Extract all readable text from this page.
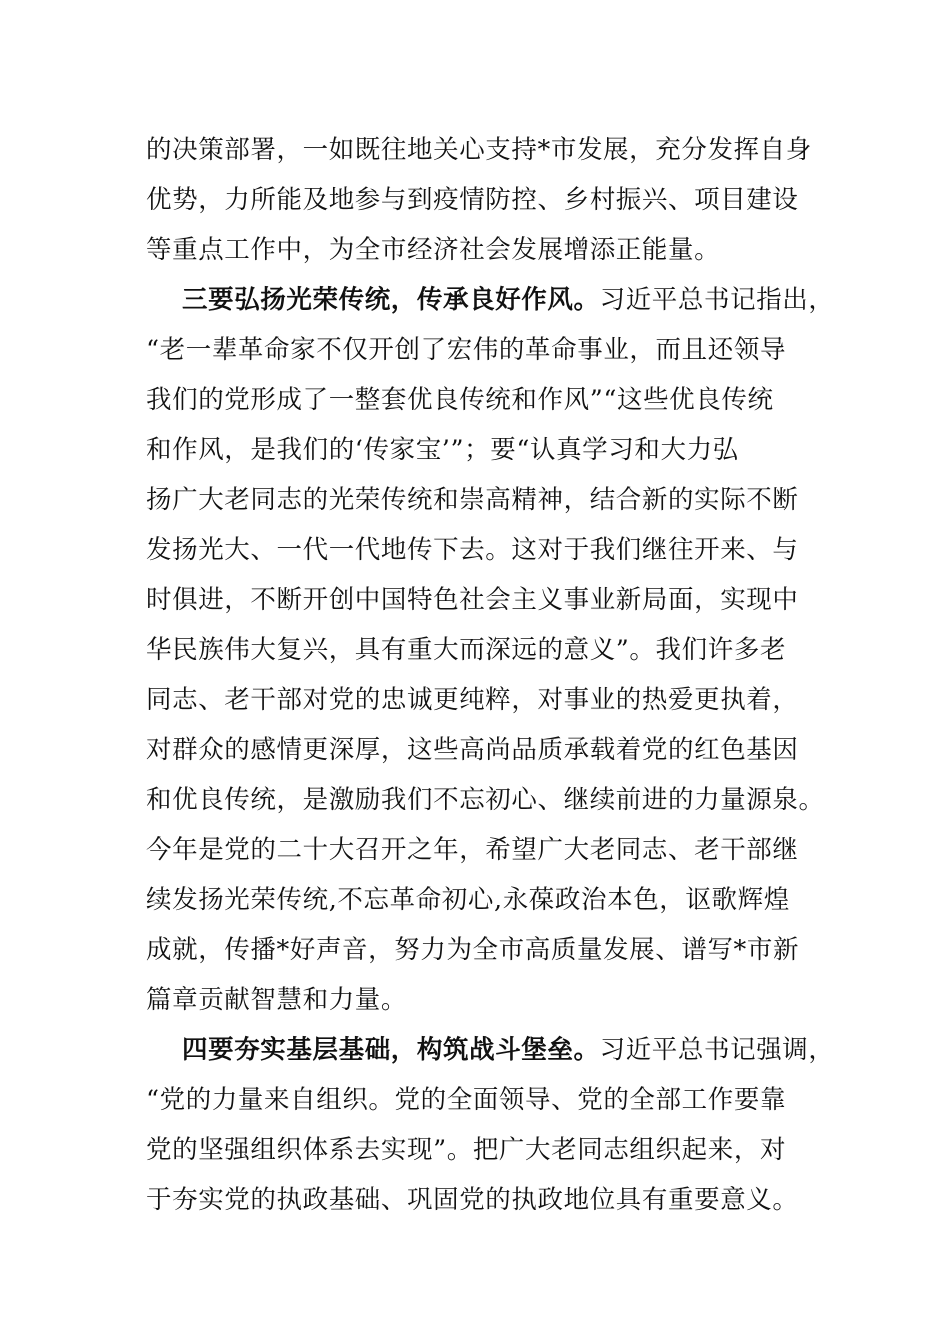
的决策部署，一如既往地关心支持*市发展，充分发挥自身
优势，力所能及地参与到疫情防控、乡村振兴、项目建设
等重点工作中，为全市经济社会发展增添正能量。
三要弘扬光荣传统，传承良好作风。习近平总书记指出，
“老一辈革命家不仅开创了宏伟的革命事业，而且还领导
我们的党形成了一整套优良传统和作风”“这些优良传统
和作风，是我们的‘传家宝’”；要“认真学习和大力弘
扬广大老同志的光荣传统和崇高精神，结合新的实际不断
发扬光大、一代一代地传下去。这对于我们继往开来、与
时俱进，不断开创中国特色社会主义事业新局面，实现中
华民族伟大复兴，具有重大而深远的意义”。我们许多老
同志、老干部对党的忠诚更纯粹，对事业的热爱更执着，
对群众的感情更深厚，这些高尚品质承载着党的红色基因
和优良传统，是激励我们不忘初心、继续前进的力量源泉。
今年是党的二十大召开之年，希望广大老同志、老干部继
续发扬光荣传统,不忘革命初心,永葆政治本色，讴歌辉煌
成就，传播*好声音，努力为全市高质量发展、谱写*市新
篇章贡献智慧和力量。
四要夯实基层基础，构筑战斗堡垒。习近平总书记强调，
“党的力量来自组织。党的全面领导、党的全部工作要靠
党的坚强组织体系去实现”。把广大老同志组织起来，对
于夯实党的执政基础、巩固党的执政地位具有重要意义。
